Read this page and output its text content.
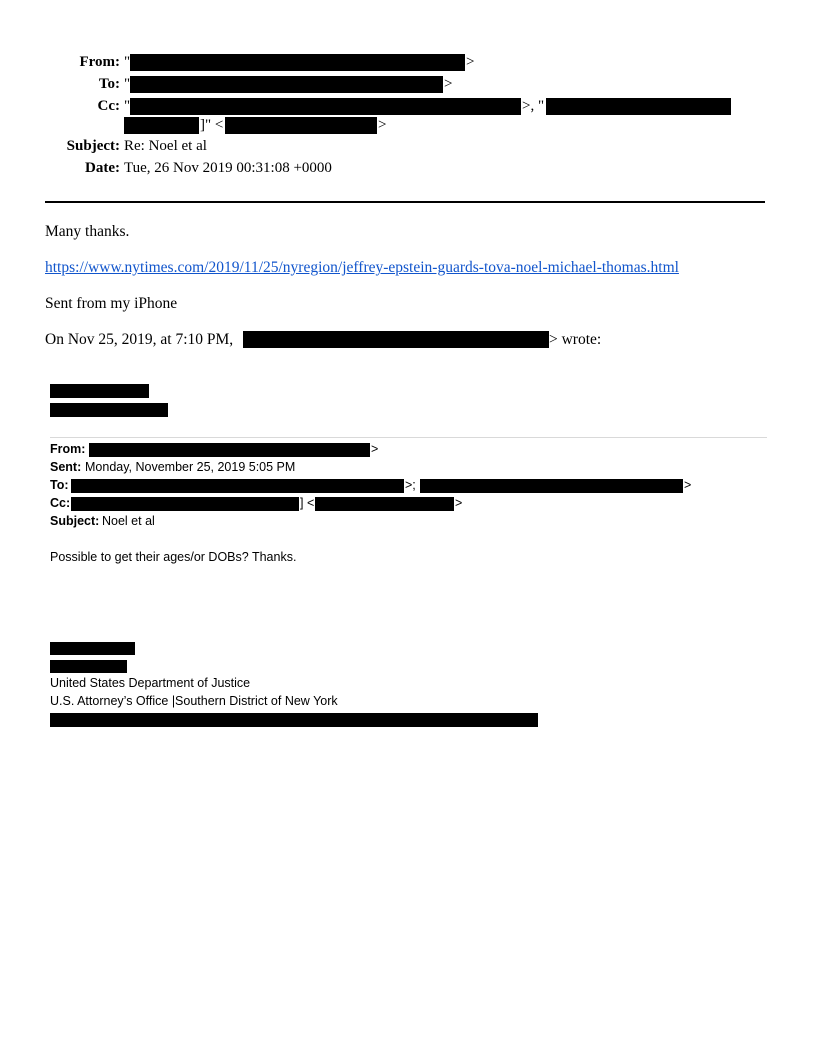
From: "	>
To: "	>
Cc: "	>, "
]" <	>
Subject: Re: Noel et al
Date: Tue, 26 Nov 2019 00:31:08 +0000
Many thanks.
https://www.nytimes.com/2019/11/25/nyregion/jeffrey-epstein-guards-tova-noel-michael-thomas.html
Sent from my iPhone
On Nov 25, 2019, at 7:10 PM,	> wrote:
From:	>
Sent: Monday, November 25, 2019 5:05 PM
To:	>;	>
Cc:	] <	>
Subject: Noel et al
Possible to get their ages/or DOBs? Thanks.
United States Department of Justice
U.S. Attorney’s Office |Southern District of New York
